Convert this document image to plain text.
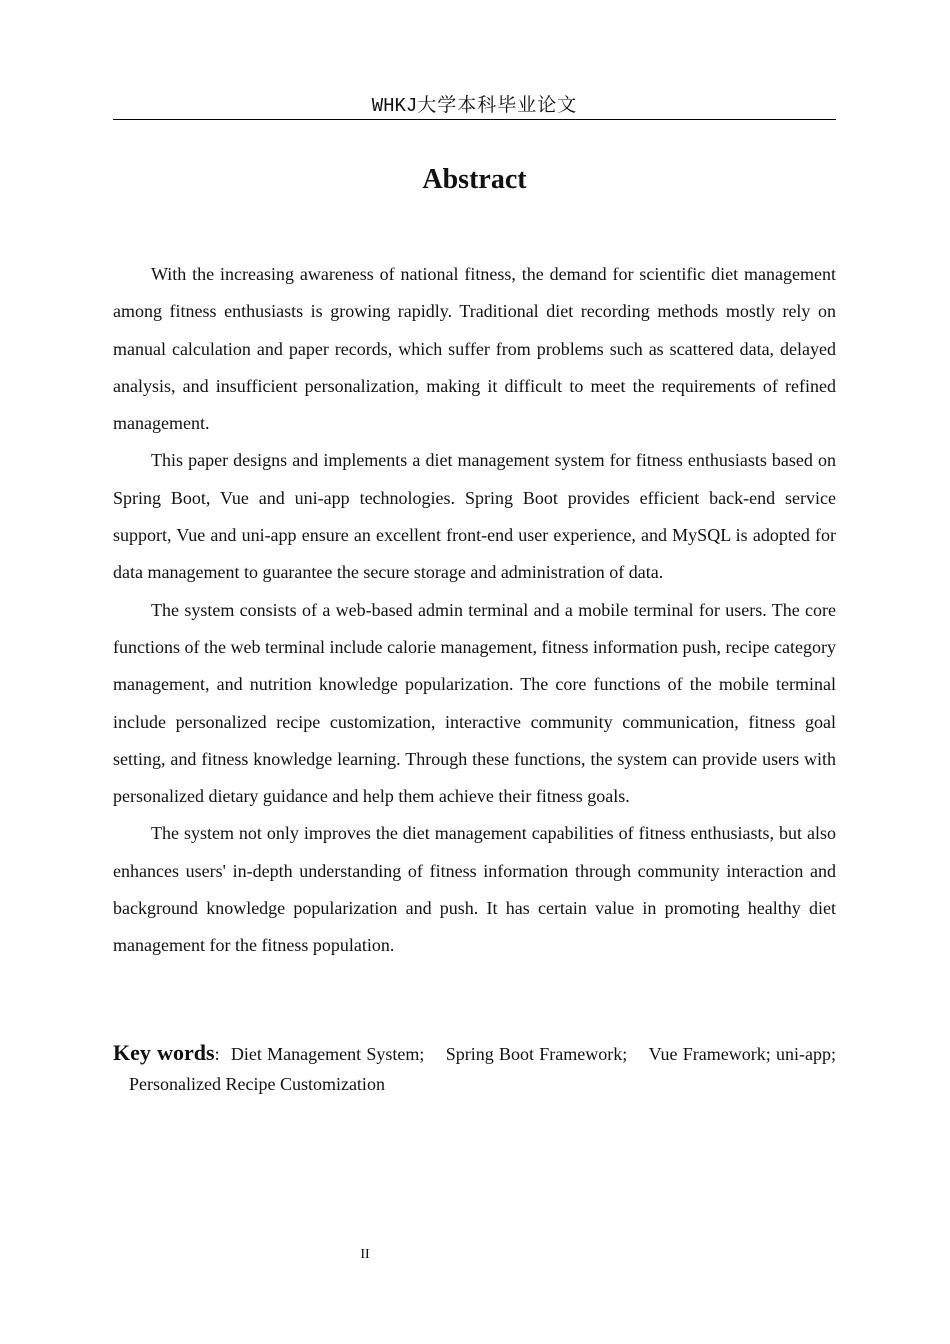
WHKJ大学本科毕业论文
Abstract

With the increasing awareness of national fitness, the demand for scientific diet management among fitness enthusiasts is growing rapidly. Traditional diet recording methods mostly rely on manual calculation and paper records, which suffer from problems such as scattered data, delayed analysis, and insufficient personalization, making it difficult to meet the requirements of refined management.

This paper designs and implements a diet management system for fitness enthusiasts based on Spring Boot, Vue and uni-app technologies. Spring Boot provides efficient back-end service support, Vue and uni-app ensure an excellent front-end user experience, and MySQL is adopted for data management to guarantee the secure storage and administration of data.

The system consists of a web-based admin terminal and a mobile terminal for users. The core functions of the web terminal include calorie management, fitness information push, recipe category management, and nutrition knowledge popularization. The core functions of the mobile terminal include personalized recipe customization, interactive community communication, fitness goal setting, and fitness knowledge learning. Through these functions, the system can provide users with personalized dietary guidance and help them achieve their fitness goals.

The system not only improves the diet management capabilities of fitness enthusiasts, but also enhances users' in-depth understanding of fitness information through community interaction and background knowledge popularization and push. It has certain value in promoting healthy diet management for the fitness population.

Key words: Diet Management System; Spring Boot Framework; Vue Framework; uni-app; Personalized Recipe Customization

II
